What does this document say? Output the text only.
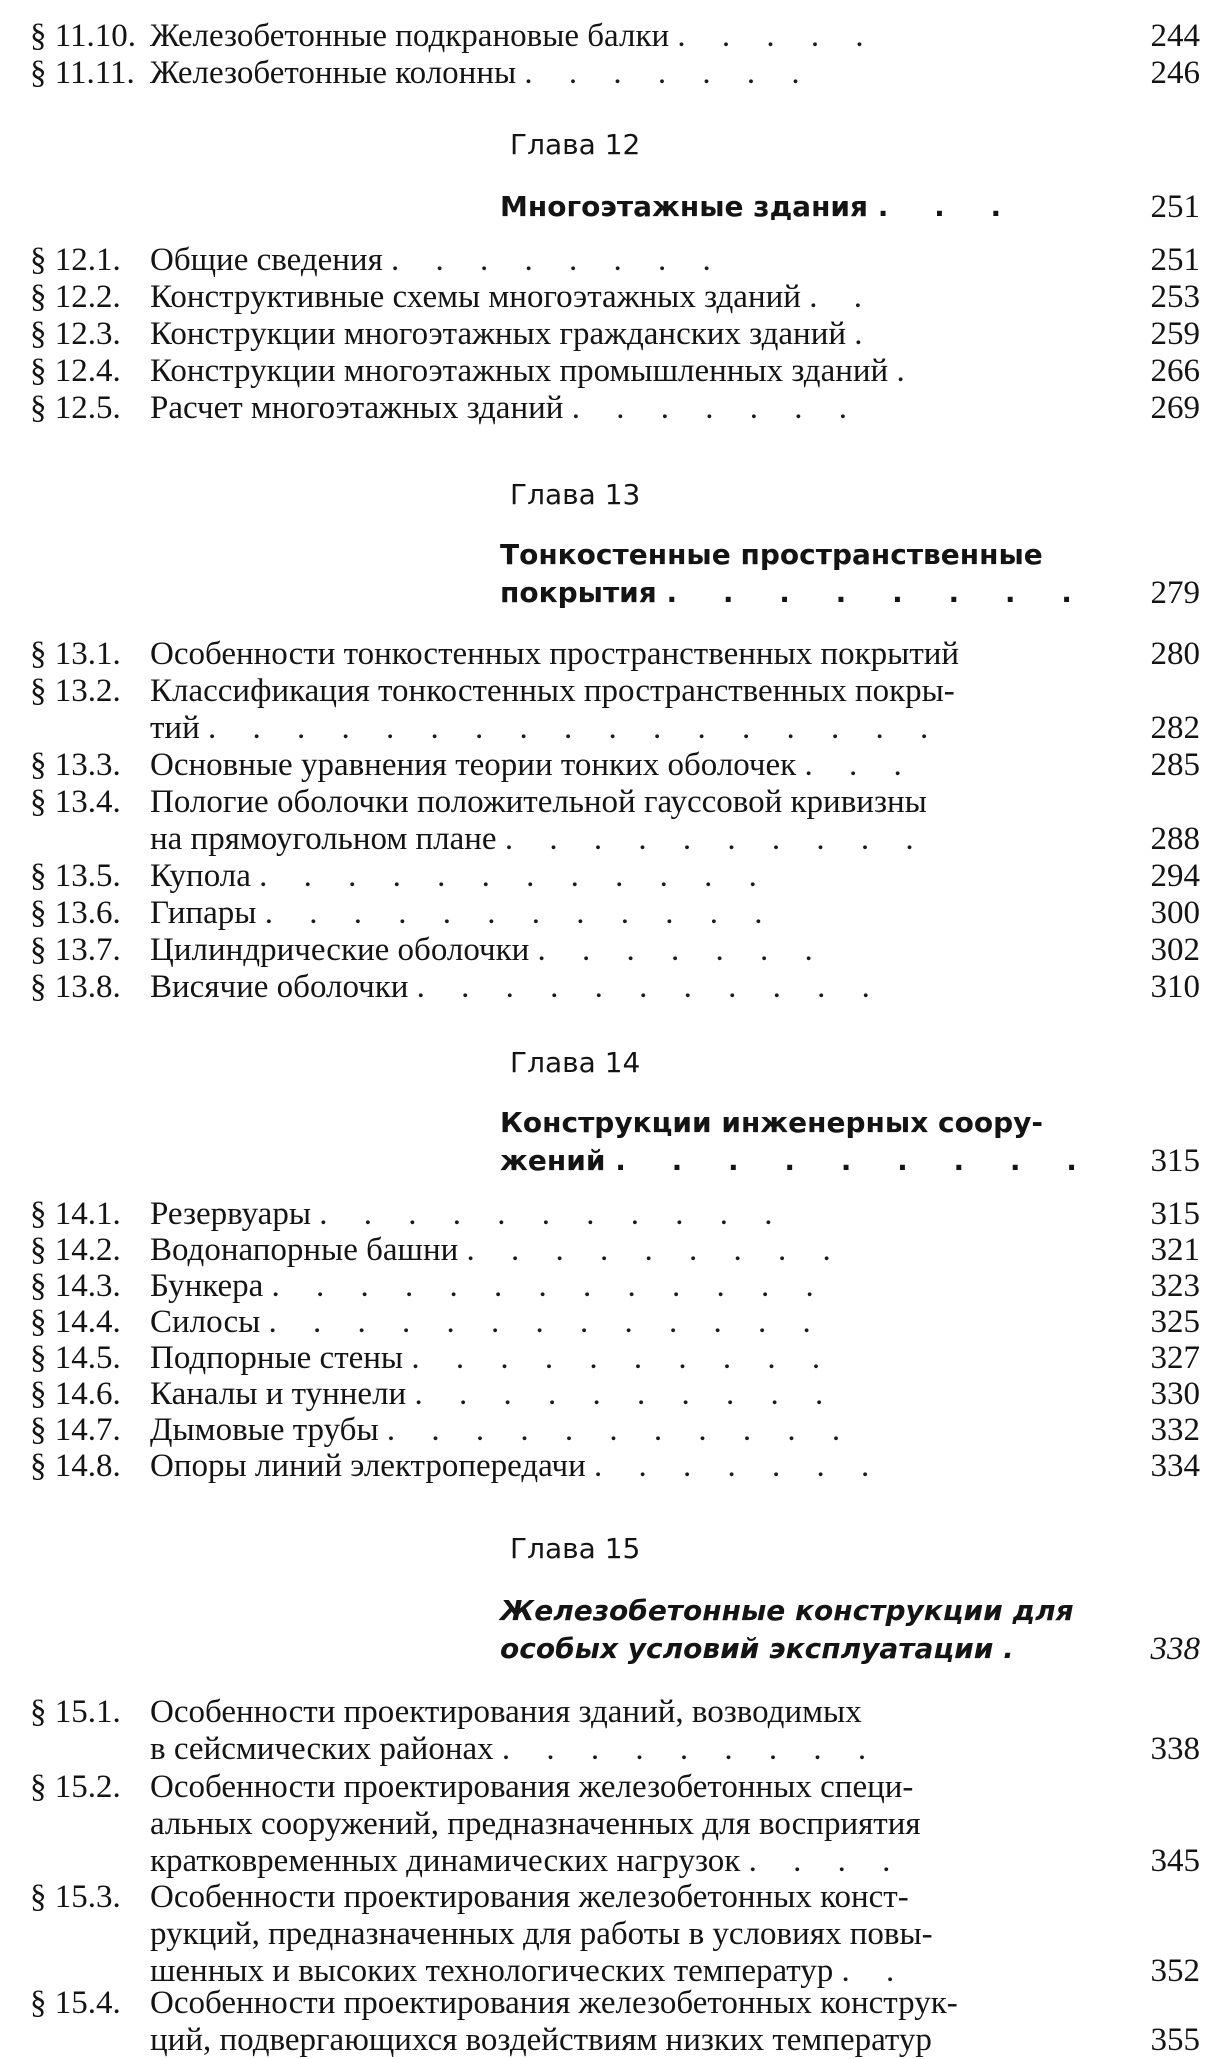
§ 11.10. Железобетонные подкрановые балки . . . . .	244
§ 11.11. Железобетонные колонны . . . . . . .	246
Глава 12
Многоэтажные здания . . .	251
§ 12.1. Общие сведения . . . . . . . .	251
§ 12.2. Конструктивные схемы многоэтажных зданий . .	253
§ 12.3. Конструкции многоэтажных гражданских зданий .	259
§ 12.4. Конструкции многоэтажных промышленных зданий .	266
§ 12.5. Расчет многоэтажных зданий . . . . . . .	269
Глава 13
Тонкостенные пространственные
покрытия . . . . . . . .	279
§ 13.1. Особенности тонкостенных пространственных покрытий	280
§ 13.2. Классификация тонкостенных пространственных покры-
тий . . . . . . . . . . . . . . . . .	282
§ 13.3. Основные уравнения теории тонких оболочек . . .	285
§ 13.4. Пологие оболочки положительной гауссовой кривизны
на прямоугольном плане . . . . . . . . . .	288
§ 13.5. Купола . . . . . . . . . . . .	294
§ 13.6. Гипары . . . . . . . . . . . .	300
§ 13.7. Цилиндрические оболочки . . . . . . .	302
§ 13.8. Висячие оболочки . . . . . . . . . . .	310
Глава 14
Конструкции инженерных соору-
жений . . . . . . . . .	315
§ 14.1. Резервуары . . . . . . . . . . .	315
§ 14.2. Водонапорные башни . . . . . . . . .	321
§ 14.3. Бункера . . . . . . . . . . . . .	323
§ 14.4. Силосы . . . . . . . . . . . . .	325
§ 14.5. Подпорные стены . . . . . . . . . .	327
§ 14.6. Каналы и туннели . . . . . . . . . .	330
§ 14.7. Дымовые трубы . . . . . . . . . . .	332
§ 14.8. Опоры линий электропередачи . . . . . . .	334
Глава 15
Железобетонные конструкции для
особых условий эксплуатации .	338
§ 15.1. Особенности проектирования зданий, возводимых
в сейсмических районах . . . . . . . . .	338
§ 15.2. Особенности проектирования железобетонных специ-
альных сооружений, предназначенных для восприятия
кратковременных динамических нагрузок . . . .	345
§ 15.3. Особенности проектирования железобетонных конст-
рукций, предназначенных для работы в условиях повы-
шенных и высоких технологических температур . .	352
§ 15.4. Особенности проектирования железобетонных конструк-
ций, подвергающихся воздействиям низких температур	355
